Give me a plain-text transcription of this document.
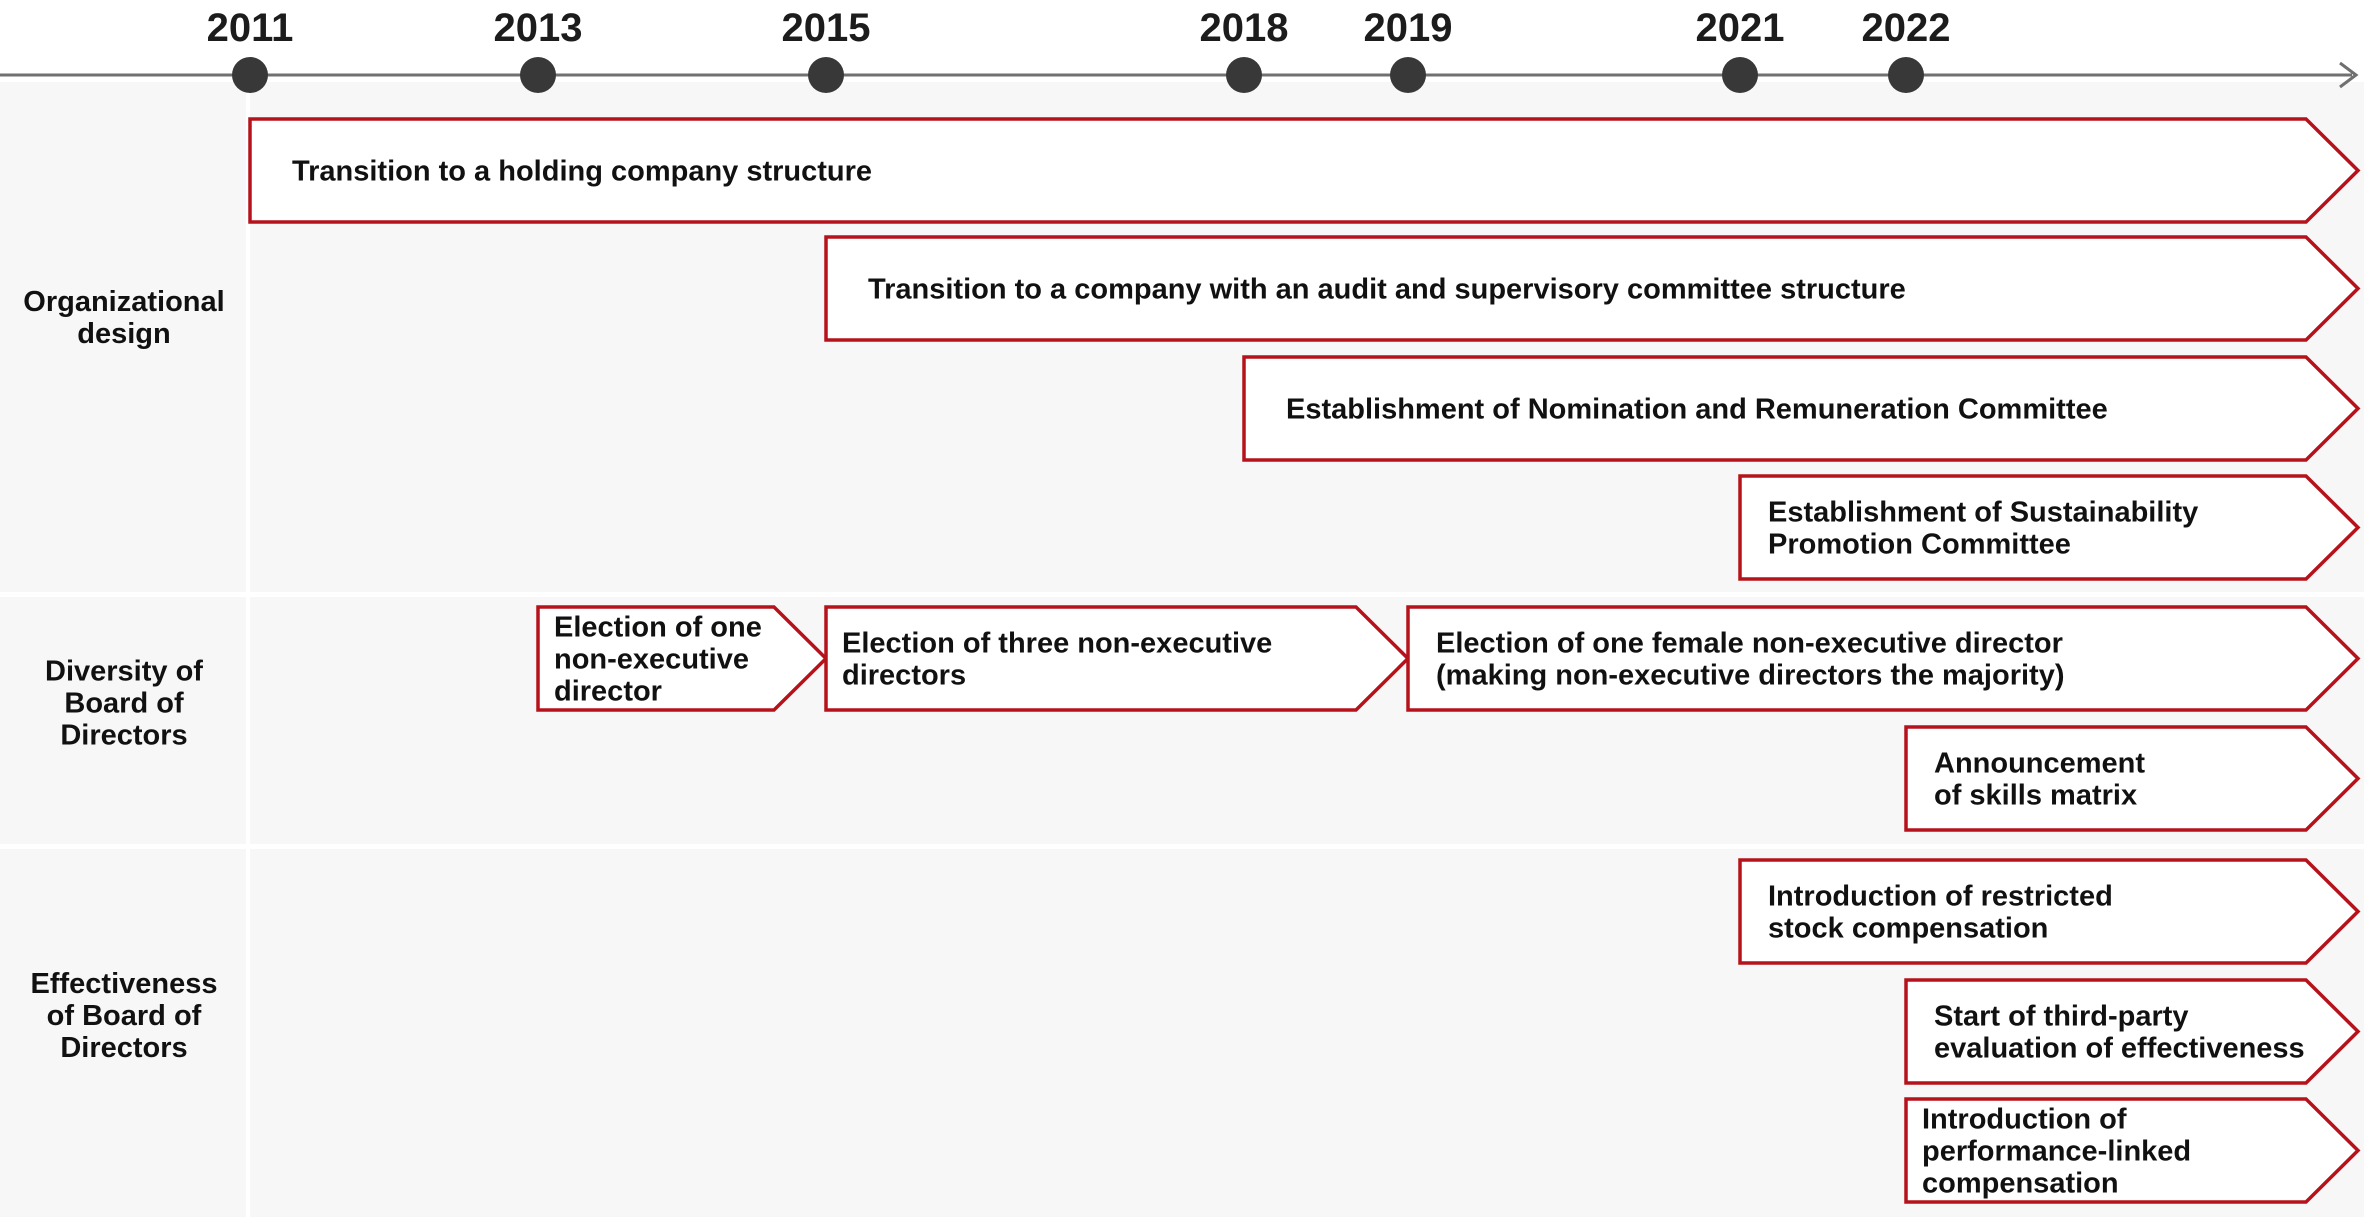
Organizational design
Diversity of Board of Directors
Effectiveness of Board of Directors
2011	2013	2015	2018 2019	2021 2022
Transition to a holding company structure
Transition to a company with an audit and supervisory committee structure
Establishment of Nomination and Remuneration Committee
Establishment of Sustainability Promotion Committee
Election of one non-executive director
Election of three non-executive directors
Election of one female non-executive director (making non-executive directors the majority)
Announcement of skills matrix
Introduction of restricted stock compensation
Start of third-party evaluation of effectiveness
Introduction of performance-linked compensation
